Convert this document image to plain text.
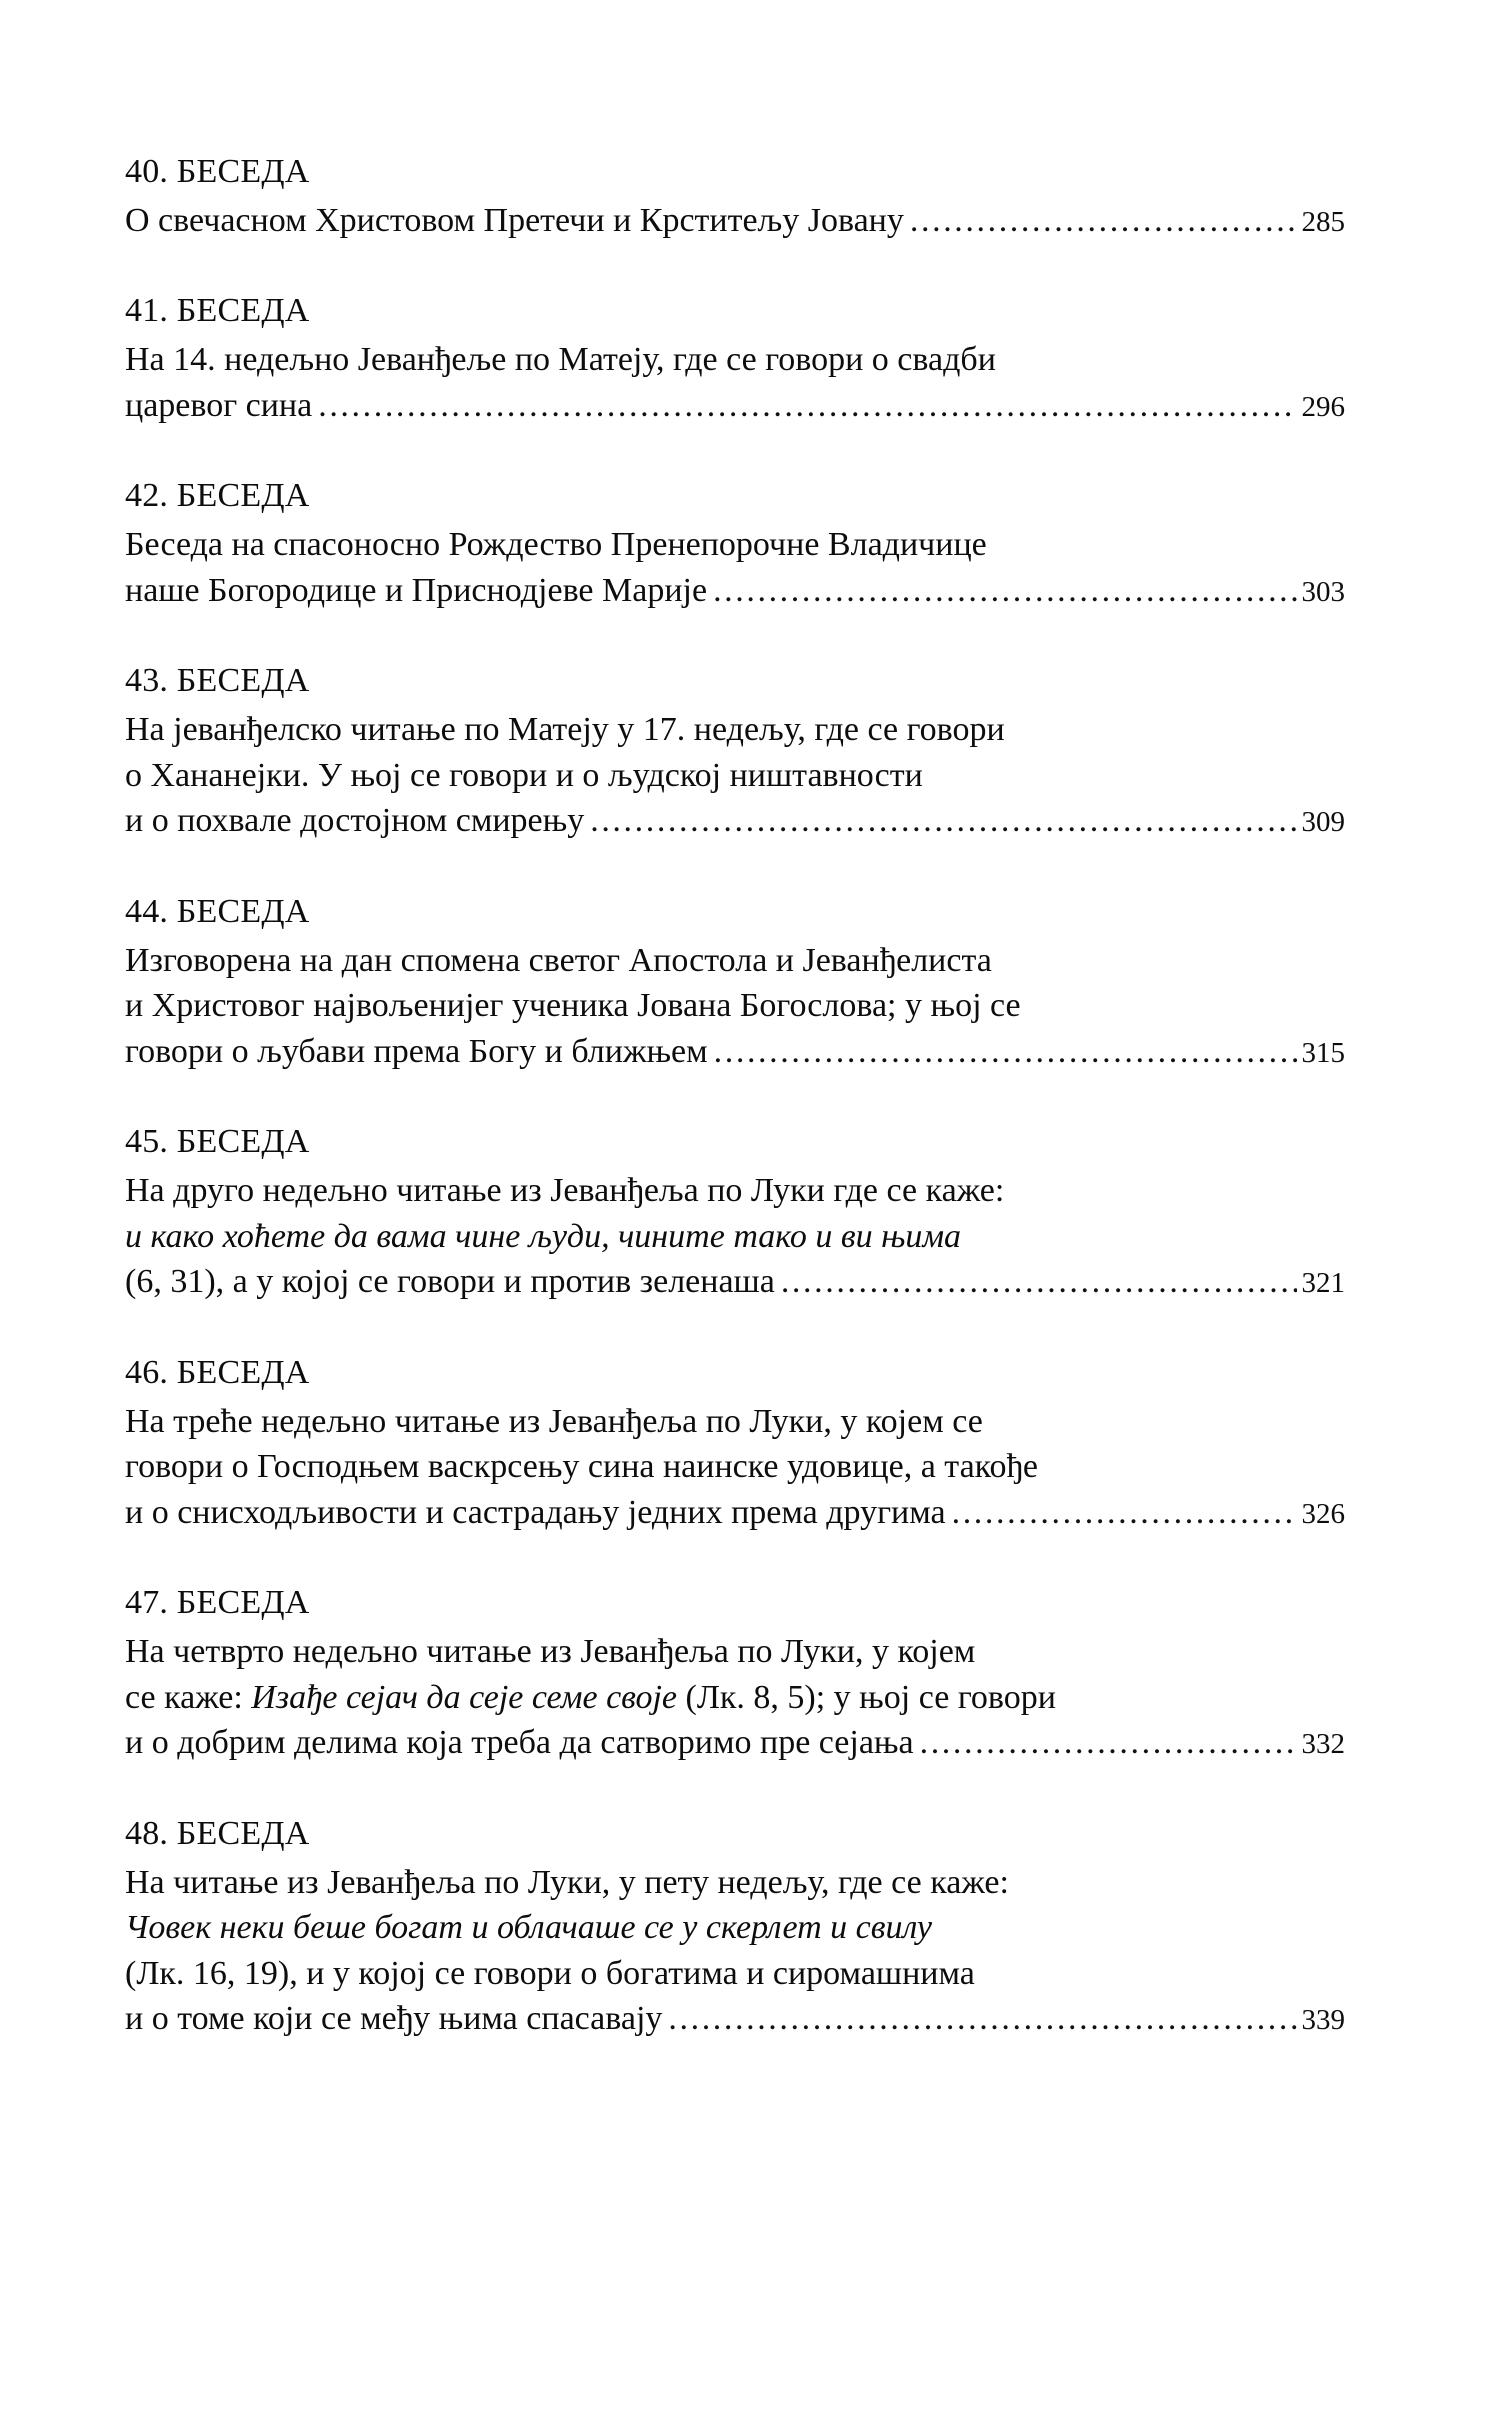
40. БЕСЕДА
О свечасном Христовом Претечи и Крститељу Јовану .....	285
41. БЕСЕДА
На 14. недељно Јеванђеље по Матеју, где се говори о свадби
царевог сина .....	296
42. БЕСЕДА
Беседа на спасоносно Рождество Пренепорочне Владичице
наше Богородице и Приснодјеве Марије .....	303
43. БЕСЕДА
На јеванђелско читање по Матеју у 17. недељу, где се говори
о Хананејки. У њој се говори и о људској ништавности
и о похвале достојном смирењу .....	309
44. БЕСЕДА
Изговорена на дан спомена светог Апостола и Јеванђелиста
и Христовог највољенијег ученика Јована Богослова; у њој се
говори о љубави према Богу и ближњем .....	315
45. БЕСЕДА
На друго недељно читање из Јеванђеља по Луки где се каже:
и како хоћете да вама чине људи, чините тако и ви њима
(6, 31), а у којој се говори и против зеленаша .....	321
46. БЕСЕДА
На треће недељно читање из Јеванђеља по Луки, у којем се
говори о Господњем васкрсењу сина наинске удовице, а такође
и о снисходљивости и састрадању једних према другима .....	326
47. БЕСЕДА
На четврто недељно читање из Јеванђеља по Луки, у којем
се каже: Изађе сејач да сеје семе своје (Лк. 8, 5); у њој се говори
и о добрим делима која треба да сатворимо пре сејања .....	332
48. БЕСЕДА
На читање из Јеванђеља по Луки, у пету недељу, где се каже:
Човек неки беше богат и облачаше се у скерлет и свилу
(Лк. 16, 19), и у којој се говори о богатима и сиромашнима
и о томе који се међу њима спасавају .....	339
